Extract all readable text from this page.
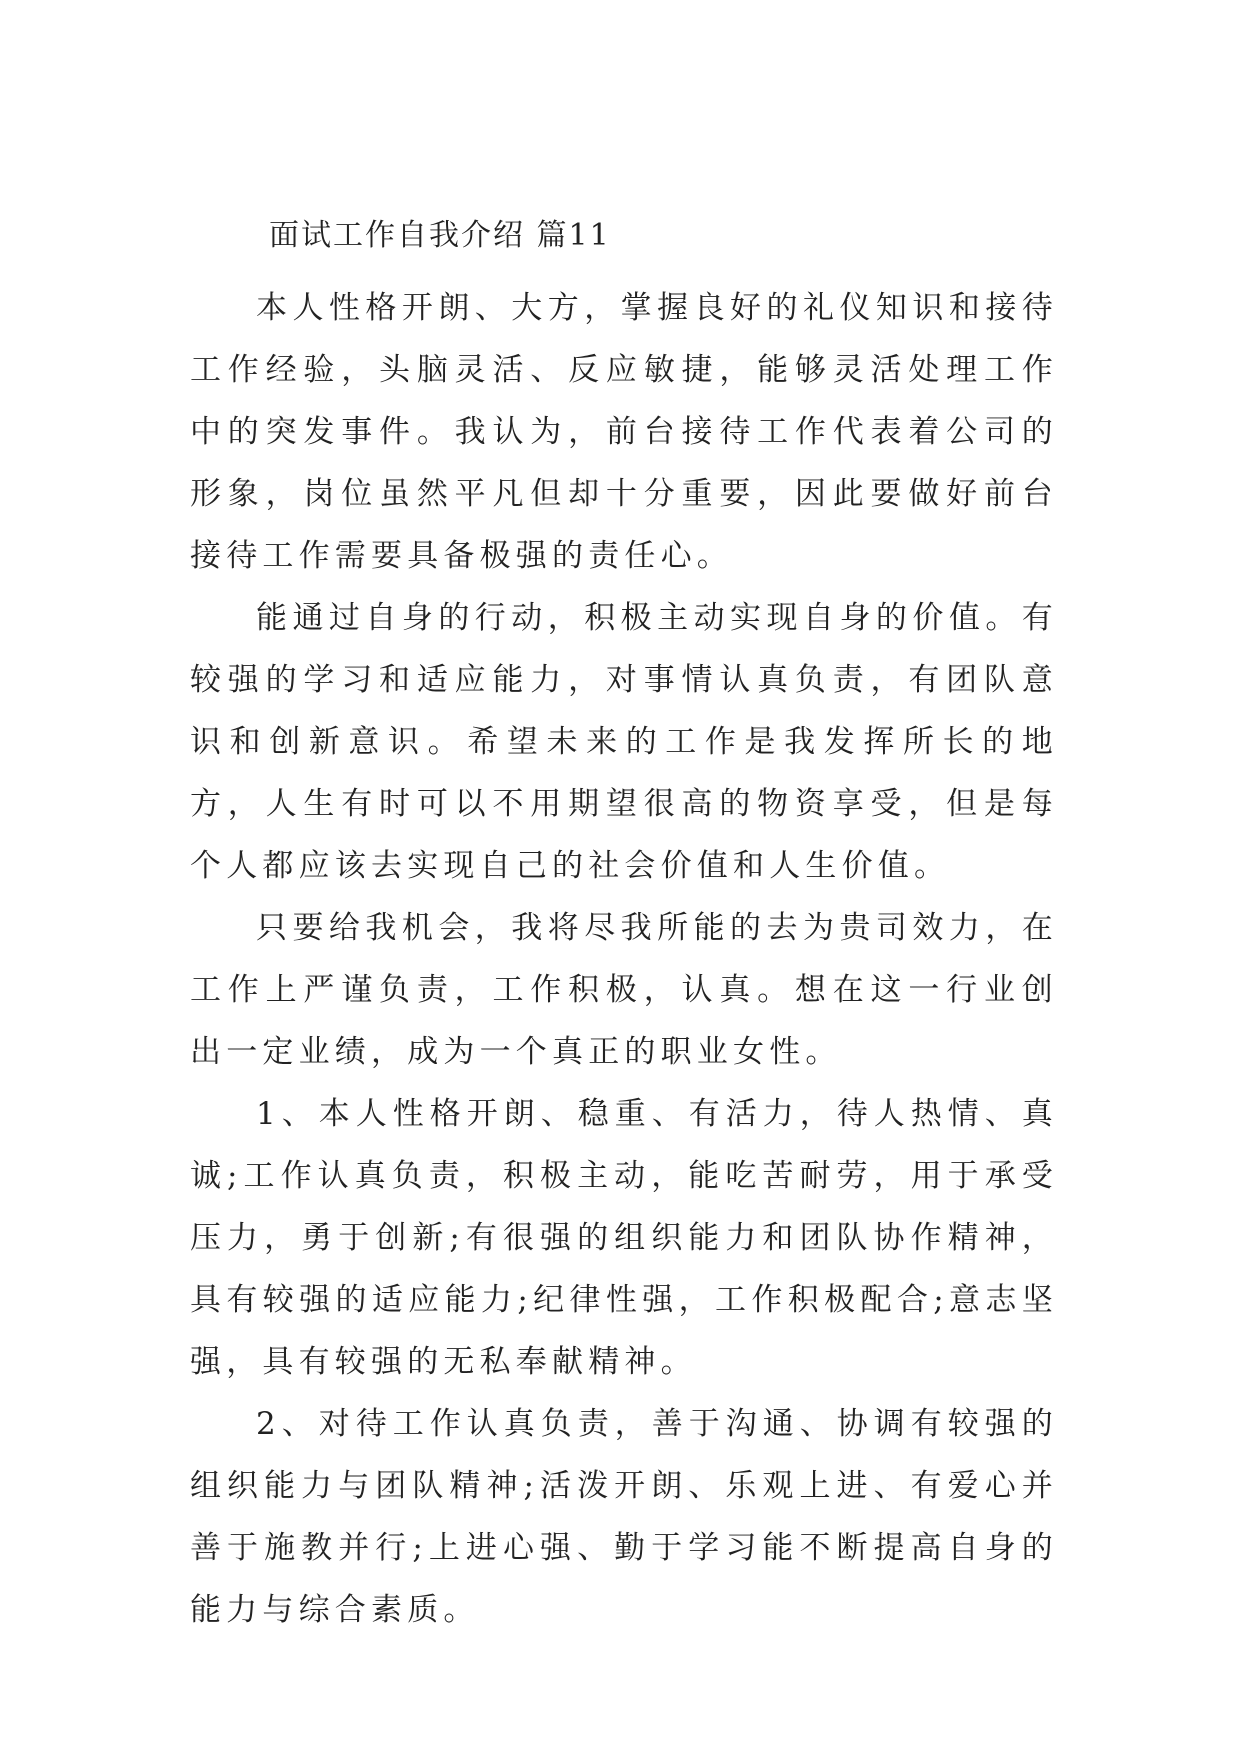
面试工作自我介绍 篇11

本人性格开朗、大方，掌握良好的礼仪知识和接待工作经验，头脑灵活、反应敏捷，能够灵活处理工作中的突发事件。我认为，前台接待工作代表着公司的形象，岗位虽然平凡但却十分重要，因此要做好前台接待工作需要具备极强的责任心。

能通过自身的行动，积极主动实现自身的价值。有较强的学习和适应能力，对事情认真负责，有团队意识和创新意识。希望未来的工作是我发挥所长的地方，人生有时可以不用期望很高的物资享受，但是每个人都应该去实现自己的社会价值和人生价值。

只要给我机会，我将尽我所能的去为贵司效力，在工作上严谨负责，工作积极，认真。想在这一行业创出一定业绩，成为一个真正的职业女性。

1、本人性格开朗、稳重、有活力，待人热情、真诚;工作认真负责，积极主动，能吃苦耐劳，用于承受压力，勇于创新;有很强的组织能力和团队协作精神，具有较强的适应能力;纪律性强，工作积极配合;意志坚强，具有较强的无私奉献精神。

2、对待工作认真负责，善于沟通、协调有较强的组织能力与团队精神;活泼开朗、乐观上进、有爱心并善于施教并行;上进心强、勤于学习能不断提高自身的能力与综合素质。
